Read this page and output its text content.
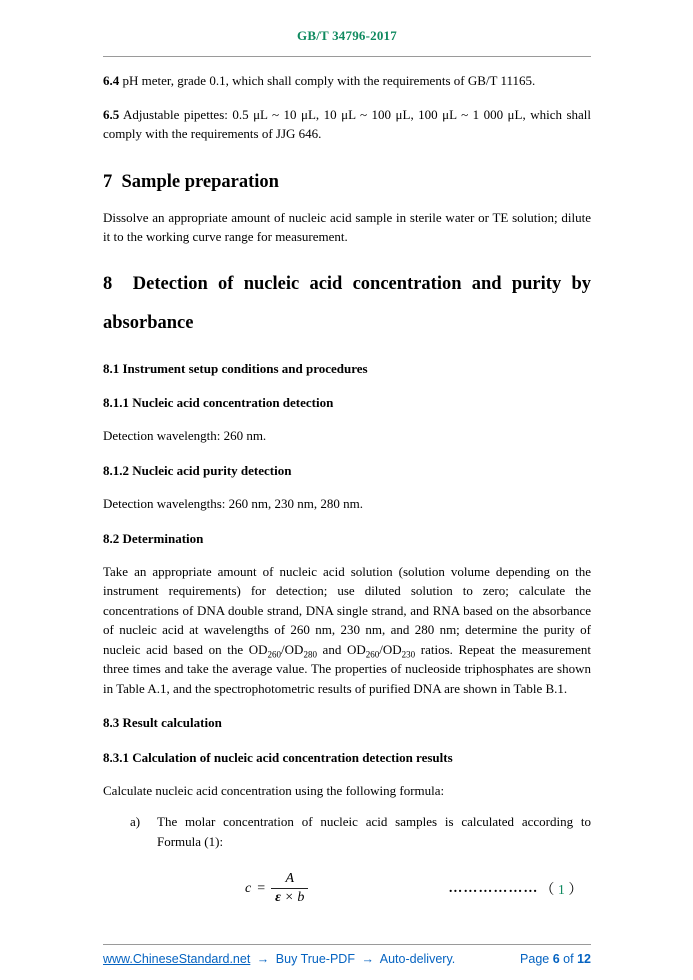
GB/T 34796-2017

6.4 pH meter, grade 0.1, which shall comply with the requirements of GB/T 11165.

6.5 Adjustable pipettes: 0.5 μL ~ 10 μL, 10 μL ~ 100 μL, 100 μL ~ 1 000 μL, which shall comply with the requirements of JJG 646.

7  Sample preparation

Dissolve an appropriate amount of nucleic acid sample in sterile water or TE solution; dilute it to the working curve range for measurement.

8  Detection of nucleic acid concentration and purity by absorbance
8.1 Instrument setup conditions and procedures
8.1.1 Nucleic acid concentration detection

Detection wavelength: 260 nm.

8.1.2 Nucleic acid purity detection

Detection wavelengths: 260 nm, 230 nm, 280 nm.

8.2 Determination

Take an appropriate amount of nucleic acid solution (solution volume depending on the instrument requirements) for detection; use diluted solution to zero; calculate the concentrations of DNA double strand, DNA single strand, and RNA based on the absorbance of nucleic acid at wavelengths of 260 nm, 230 nm, and 280 nm; determine the purity of nucleic acid based on the $OD_{260}/OD_{280}$ and $OD_{260}/OD_{230}$ ratios. Repeat the measurement three times and take the average value. The properties of nucleoside triphosphates are shown in Table A.1, and the spectrophotometric results of purified DNA are shown in Table B.1.

8.3 Result calculation
8.3.1 Calculation of nucleic acid concentration detection results

Calculate nucleic acid concentration using the following formula:

a)	The molar concentration of nucleic acid samples is calculated according to Formula (1):
$c = \frac{A}{\varepsilon \times b}$	……………… （ 1 ）
www.ChineseStandard.net → Buy True-PDF → Auto-delivery.	Page 6 of 12
